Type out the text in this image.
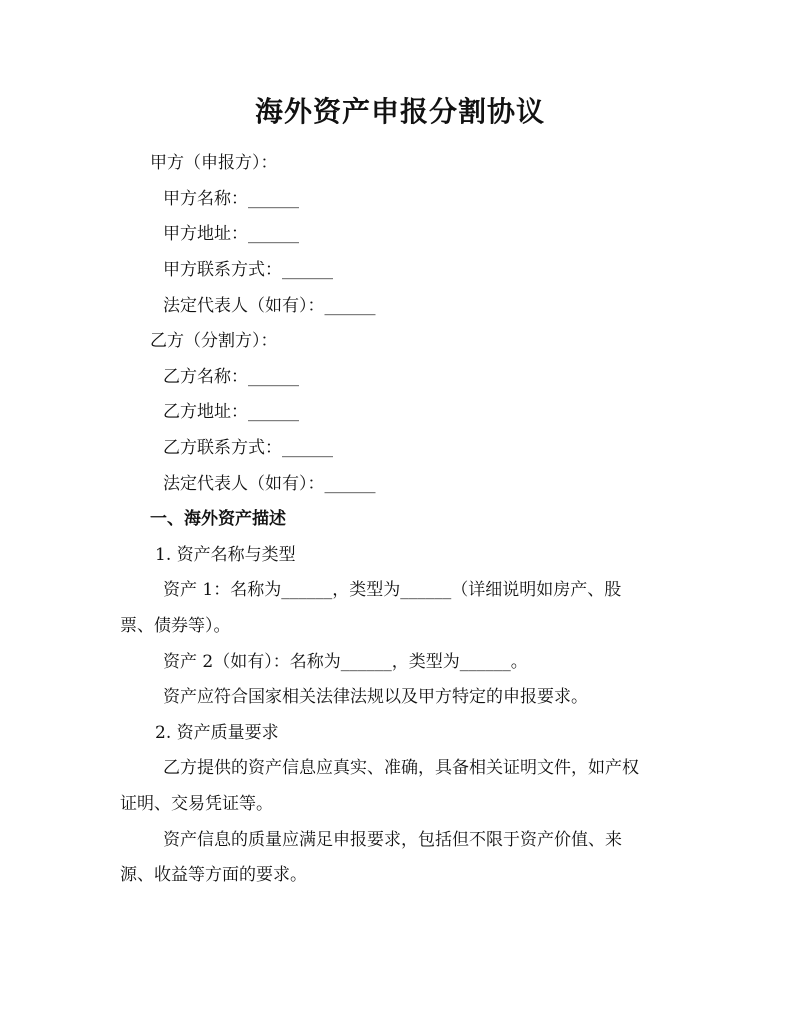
海外资产申报分割协议
甲方（申报方）：
甲方名称：______
甲方地址：______
甲方联系方式：______
法定代表人（如有）：______
乙方（分割方）：
乙方名称：______
乙方地址：______
乙方联系方式：______
法定代表人（如有）：______
一、海外资产描述
1. 资产名称与类型
资产 1：名称为______，类型为______（详细说明如房产、股
票、债券等）。
资产 2（如有）：名称为______，类型为______。
资产应符合国家相关法律法规以及甲方特定的申报要求。
2. 资产质量要求
乙方提供的资产信息应真实、准确，具备相关证明文件，如产权
证明、交易凭证等。
资产信息的质量应满足申报要求，包括但不限于资产价值、来
源、收益等方面的要求。
